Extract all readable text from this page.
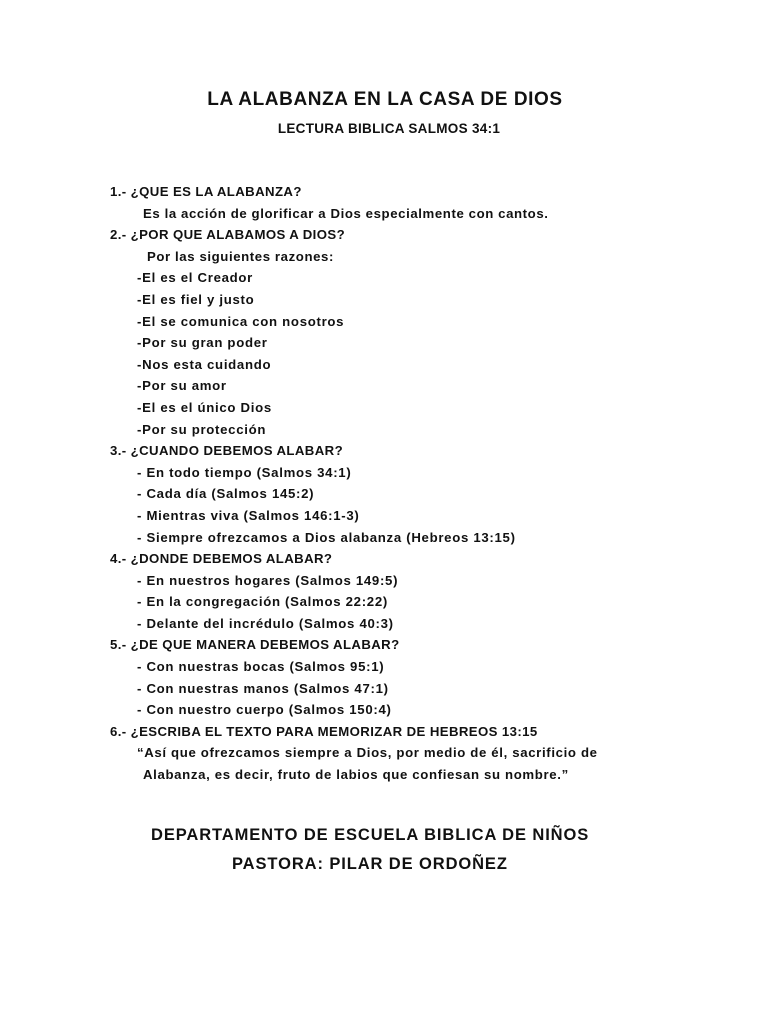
LA ALABANZA EN LA CASA DE DIOS
LECTURA BIBLICA SALMOS 34:1
1.- ¿QUE ES LA ALABANZA?
Es la acción de glorificar a Dios especialmente con cantos.
2.- ¿POR QUE ALABAMOS A DIOS?
Por las siguientes razones:
-El es el Creador
-El es fiel y justo
-El se comunica con nosotros
-Por su gran poder
-Nos esta cuidando
-Por su amor
-El es el único Dios
-Por su protección
3.- ¿CUANDO DEBEMOS ALABAR?
- En todo tiempo (Salmos 34:1)
- Cada día (Salmos 145:2)
- Mientras viva (Salmos 146:1-3)
- Siempre ofrezcamos a Dios alabanza (Hebreos 13:15)
4.- ¿DONDE DEBEMOS ALABAR?
- En nuestros hogares (Salmos 149:5)
- En la congregación (Salmos 22:22)
- Delante del incrédulo (Salmos 40:3)
5.- ¿DE QUE MANERA DEBEMOS ALABAR?
- Con nuestras bocas (Salmos 95:1)
- Con nuestras manos (Salmos 47:1)
- Con nuestro cuerpo (Salmos 150:4)
6.- ¿ESCRIBA EL TEXTO PARA MEMORIZAR DE HEBREOS 13:15
“Así que ofrezcamos siempre a Dios, por medio de él, sacrificio de
Alabanza, es decir, fruto de labios que confiesan su nombre.”
DEPARTAMENTO DE ESCUELA BIBLICA DE NIÑOS
PASTORA: PILAR DE ORDOÑEZ
